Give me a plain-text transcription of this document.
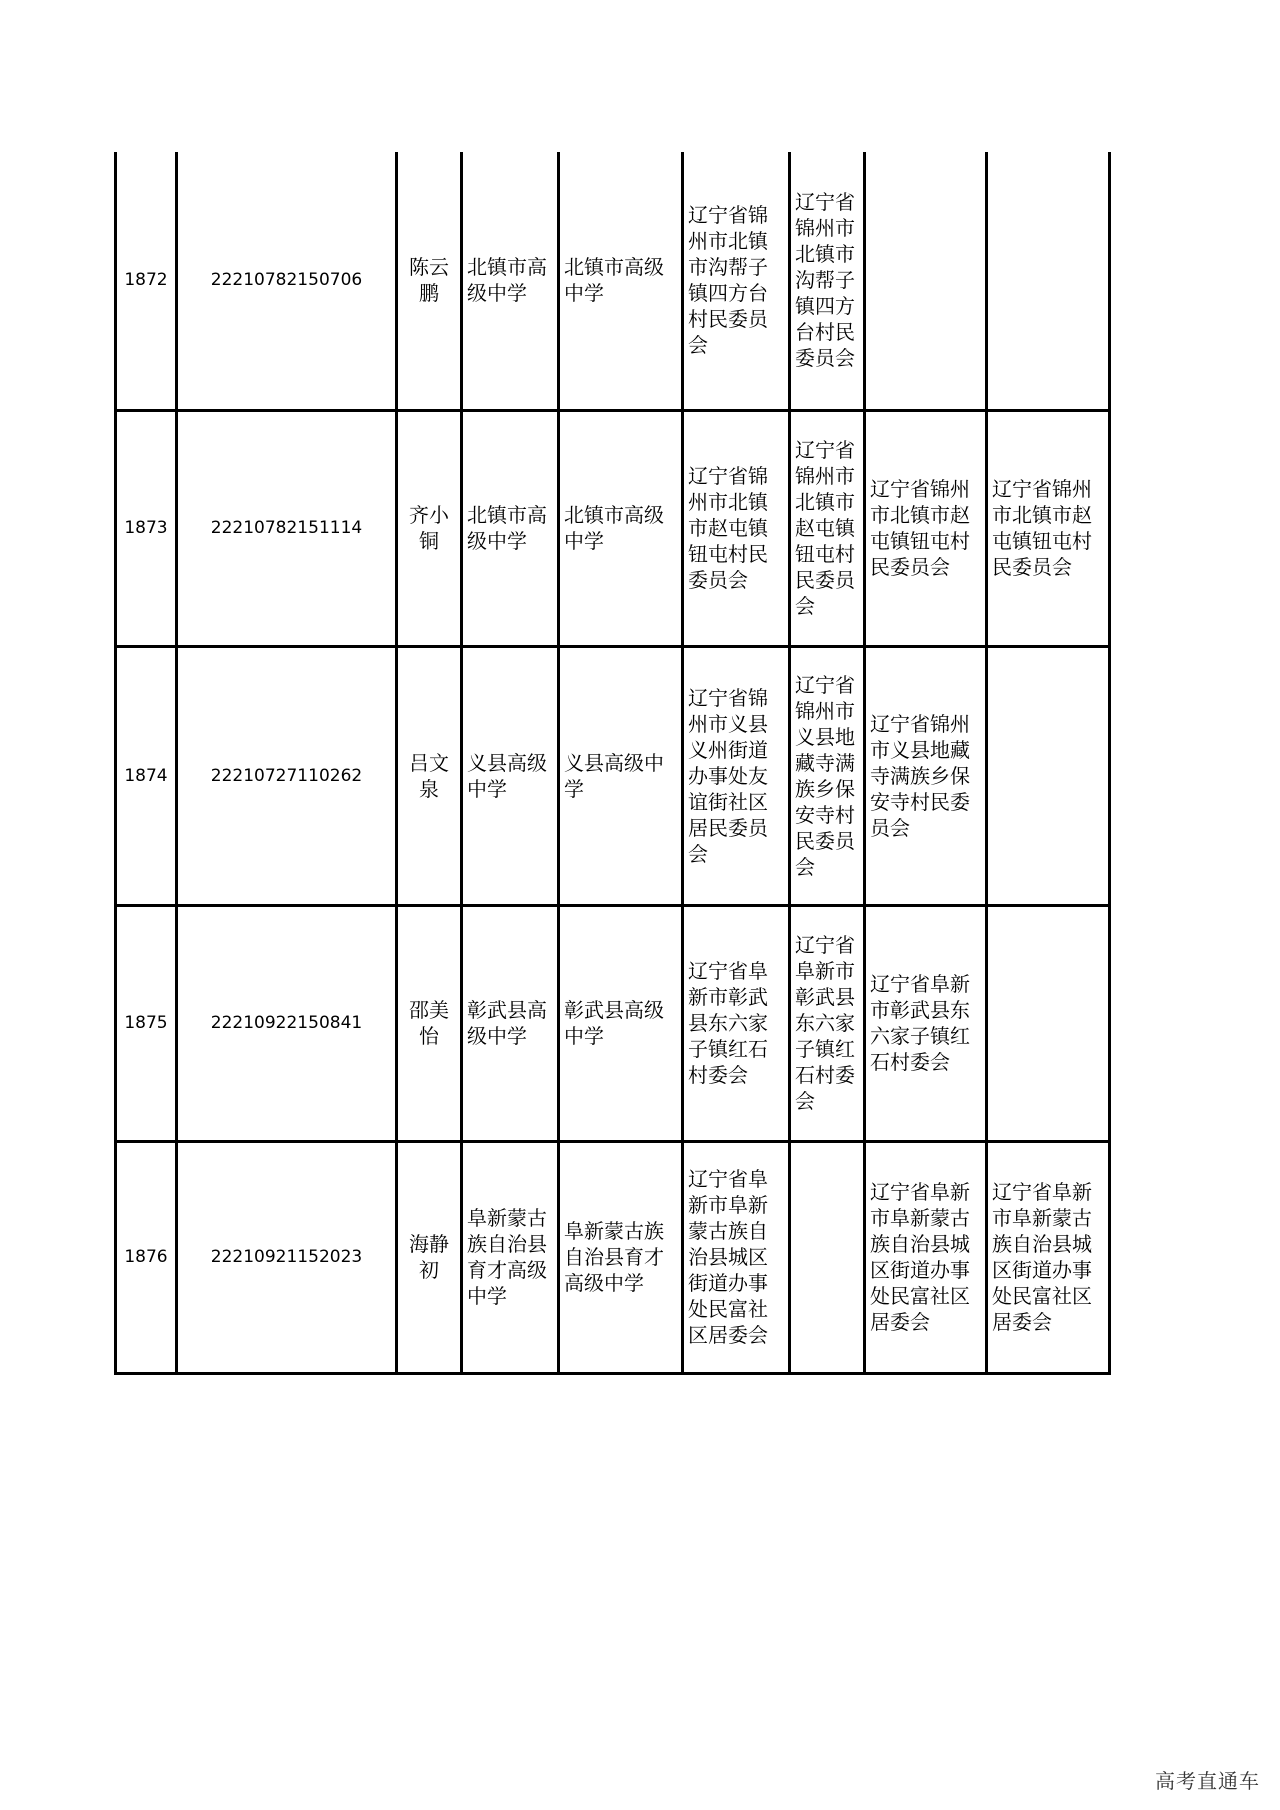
1872	22210782150706	陈云鹏	北镇市高级中学	北镇市高级中学	辽宁省锦州市北镇市沟帮子镇四方台村民委员会	辽宁省锦州市北镇市沟帮子镇四方台村民委员会		
1873	22210782151114	齐小铜	北镇市高级中学	北镇市高级中学	辽宁省锦州市北镇市赵屯镇钮屯村民委员会	辽宁省锦州市北镇市赵屯镇钮屯村民委员会	辽宁省锦州市北镇市赵屯镇钮屯村民委员会	辽宁省锦州市北镇市赵屯镇钮屯村民委员会
1874	22210727110262	吕文泉	义县高级中学	义县高级中学	辽宁省锦州市义县义州街道办事处友谊街社区居民委员会	辽宁省锦州市义县地藏寺满族乡保安寺村民委员会	辽宁省锦州市义县地藏寺满族乡保安寺村民委员会	
1875	22210922150841	邵美怡	彰武县高级中学	彰武县高级中学	辽宁省阜新市彰武县东六家子镇红石村委会	辽宁省阜新市彰武县东六家子镇红石村委会	辽宁省阜新市彰武县东六家子镇红石村委会	
1876	22210921152023	海静初	阜新蒙古族自治县育才高级中学	阜新蒙古族自治县育才高级中学	辽宁省阜新市阜新蒙古族自治县城区街道办事处民富社区居委会		辽宁省阜新市阜新蒙古族自治县城区街道办事处民富社区居委会	辽宁省阜新市阜新蒙古族自治县城区街道办事处民富社区居委会
高考直通车
